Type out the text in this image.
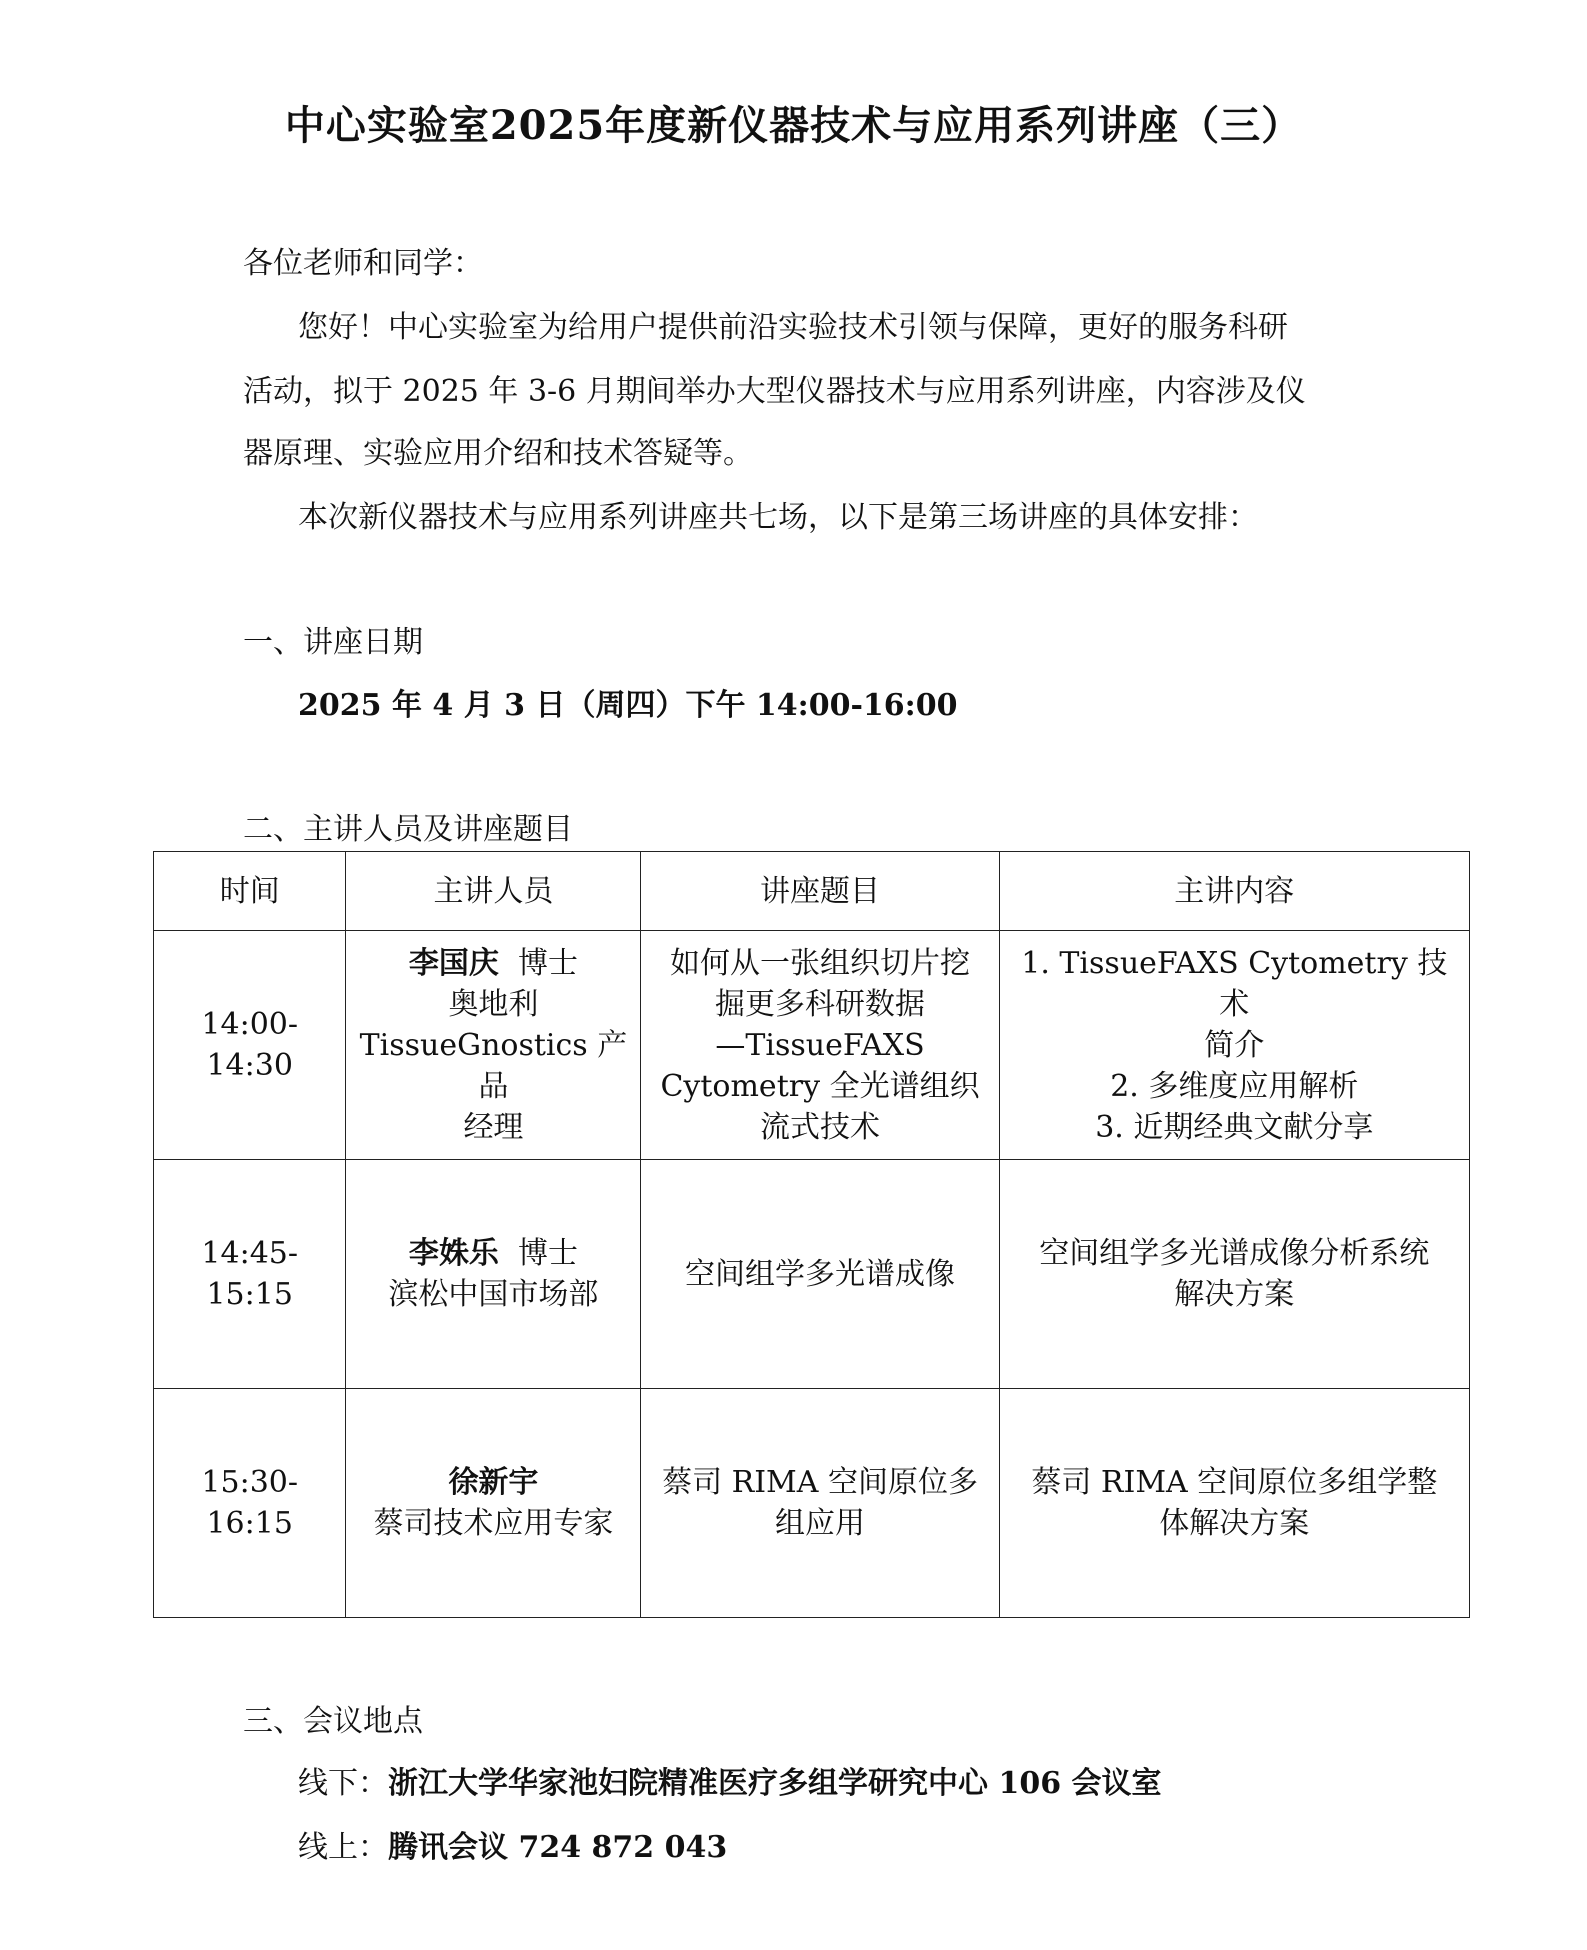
中心实验室2025年度新仪器技术与应用系列讲座（三）
各位老师和同学：
您好！中心实验室为给用户提供前沿实验技术引领与保障，更好的服务科研
活动，拟于 2025 年 3-6 月期间举办大型仪器技术与应用系列讲座，内容涉及仪
器原理、实验应用介绍和技术答疑等。
本次新仪器技术与应用系列讲座共七场，以下是第三场讲座的具体安排：
一、讲座日期
2025 年 4 月 3 日（周四）下午 14:00-16:00
二、主讲人员及讲座题目
时间	主讲人员	讲座题目	主讲内容
14:00-14:30	李国庆 博士
奥地利
TissueGnostics 产品
经理	如何从一张组织切片挖
掘更多科研数据
—TissueFAXS
Cytometry 全光谱组织
流式技术	1. TissueFAXS Cytometry 技术
简介
2. 多维度应用解析
3. 近期经典文献分享

14:45-15:15	李姝乐 博士
滨松中国市场部	空间组学多光谱成像	空间组学多光谱成像分析系统
解决方案

15:30-16:15	徐新宇
蔡司技术应用专家	蔡司 RIMA 空间原位多
组应用	蔡司 RIMA 空间原位多组学整
体解决方案
三、会议地点
线下：浙江大学华家池妇院精准医疗多组学研究中心 106 会议室
线上：腾讯会议 724 872 043
